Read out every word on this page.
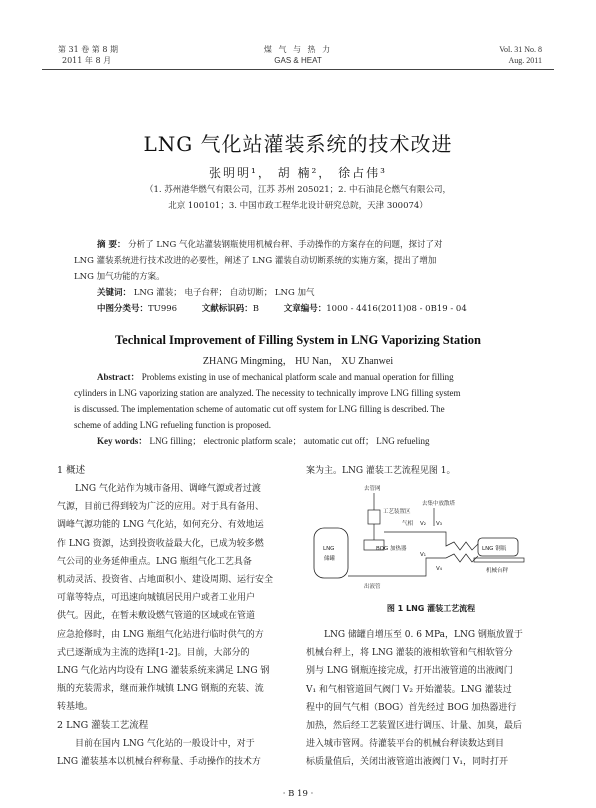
第 31 卷 第 8 期
2011 年 8 月
煤 气 与 热 力
GAS & HEAT
Vol. 31 No. 8
Aug. 2011
LNG 气化站灌装系统的技术改进
张明明¹， 胡 楠²， 徐占伟³
（1. 苏州港华燃气有限公司，江苏 苏州 205021；2. 中石油昆仑燃气有限公司，
北京 100101；3. 中国市政工程华北设计研究总院，天津 300074）
摘 要： 分析了 LNG 气化站灌装钢瓶使用机械台秤、手动操作的方案存在的问题，探讨了对
LNG 灌装系统进行技术改进的必要性，阐述了 LNG 灌装自动切断系统的实施方案，提出了增加
LNG 加气功能的方案。
关键词： LNG 灌装； 电子台秤； 自动切断； LNG 加气
中图分类号：TU996	文献标识码：B	文章编号：1000 - 4416(2011)08 - 0B19 - 04
Technical Improvement of Filling System in LNG Vaporizing Station
ZHANG Mingming， HU Nan， XU Zhanwei
Abstract： Problems existing in use of mechanical platform scale and manual operation for filling
cylinders in LNG vaporizing station are analyzed. The necessity to technically improve LNG filling system
is discussed. The implementation scheme of automatic cut off system for LNG filling is described. The
scheme of adding LNG refueling function is proposed.
Key words： LNG filling； electronic platform scale； automatic cut off； LNG refueling
1 概述
LNG 气化站作为城市备用、调峰气源或者过渡
气源，目前已得到较为广泛的应用。对于具有备用、
调峰气源功能的 LNG 气化站，如何充分、有效地运
作 LNG 资源，达到投资收益最大化，已成为较多燃
气公司的业务延伸重点。LNG 瓶组气化工艺具备
机动灵活、投资省、占地面积小、建设周期、运行安全
可靠等特点，可迅速向城镇居民用户或者工业用户
供气。因此，在暂未敷设燃气管道的区域或在管道
应急抢修时，由 LNG 瓶组气化站进行临时供气的方
式已逐渐成为主流的选择[1-2]。目前，大部分的
LNG 气化站内均设有 LNG 灌装系统来满足 LNG 钢
瓶的充装需求，继而兼作城镇 LNG 钢瓶的充装、流
转基地。
2 LNG 灌装工艺流程
目前在国内 LNG 气化站的一般设计中，对于
LNG 灌装基本以机械台秤称量、手动操作的技术方
案为主。LNG 灌装工艺流程见图 1。
LNG
储罐
去管网
工艺装置区
去集中放散塔
气相 V₂ V₃
BOG 加热器
V₁
V₄
出液管
LNG 钢瓶
机械台秤
图 1 LNG 灌装工艺流程
LNG 储罐自增压至 0. 6 MPa，LNG 钢瓶放置于
机械台秤上，将 LNG 灌装的液相软管和气相软管分
别与 LNG 钢瓶连接完成，打开出液管道的出液阀门
V₁ 和气相管道回气阀门 V₂ 开始灌装。LNG 灌装过
程中的回气气相（BOG）首先经过 BOG 加热器进行
加热，然后经工艺装置区进行调压、计量、加臭，最后
进入城市管网。待灌装平台的机械台秤读数达到目
标质量值后，关闭出液管道出液阀门 V₁，同时打开
· B 19 ·
